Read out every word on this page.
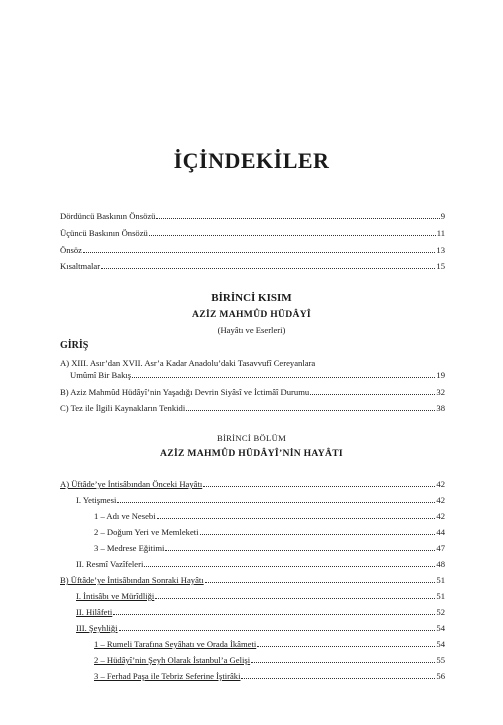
İÇİNDEKİLER
Dördüncü Baskının Önsözü	9
Üçüncü Baskının Önsözü	11
Önsöz	13
Kısaltmalar	15
BİRİNCİ KISIM
AZİZ MAHMÛD HÜDÂYÎ
(Hayâtı ve Eserleri)
GİRİŞ
A) XIII. Asır’dan XVII. Asr’a Kadar Anadolu’daki Tasavvufî Cereyanlara
Umûmî Bir Bakış	19
B) Aziz Mahmûd Hüdâyî’nin Yaşadığı Devrin Siyâsî ve İctimâî Durumu	32
C) Tez ile İlgili Kaynakların Tenkidi	38
BİRİNCİ BÖLÜM
AZİZ MAHMÛD HÜDÂYÎ’NİN HAYÂTI
A) Üftâde’ye İntisâbından Önceki Hayâtı	42
I. Yetişmesi	42
1 – Adı ve Nesebi	42
2 – Doğum Yeri ve Memleketi	44
3 – Medrese Eğitimi	47
II. Resmî Vazîfeleri	48
B) Üftâde’ye İntisâbından Sonraki Hayâtı	51
I. İntisâbı ve Mürîdliği	51
II. Hilâfeti	52
III. Şeyhliği	54
1 – Rumeli Tarafına Seyâhatı ve Orada İkâmeti	54
2 – Hüdâyî’nin Şeyh Olarak İstanbul’a Gelişi	55
3 – Ferhad Paşa ile Tebriz Seferine İştirâki	56
